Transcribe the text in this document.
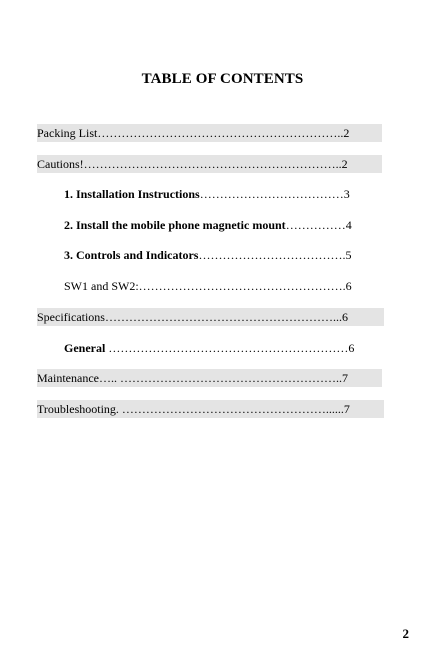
TABLE OF CONTENTS
Packing List……………………………………………………..2
Cautions!………………………………………………………..2
1. Installation Instructions………………………………3
2. Install the mobile phone magnetic mount……………4
3. Controls and Indicators……………………………….5
SW1 and SW2:…………………………………………….6
Specifications…………………………………………………...6
General ……………………………………………………6
Maintenance….. ………………………………………………..7
Troubleshooting. ……………………………………………......7
2
